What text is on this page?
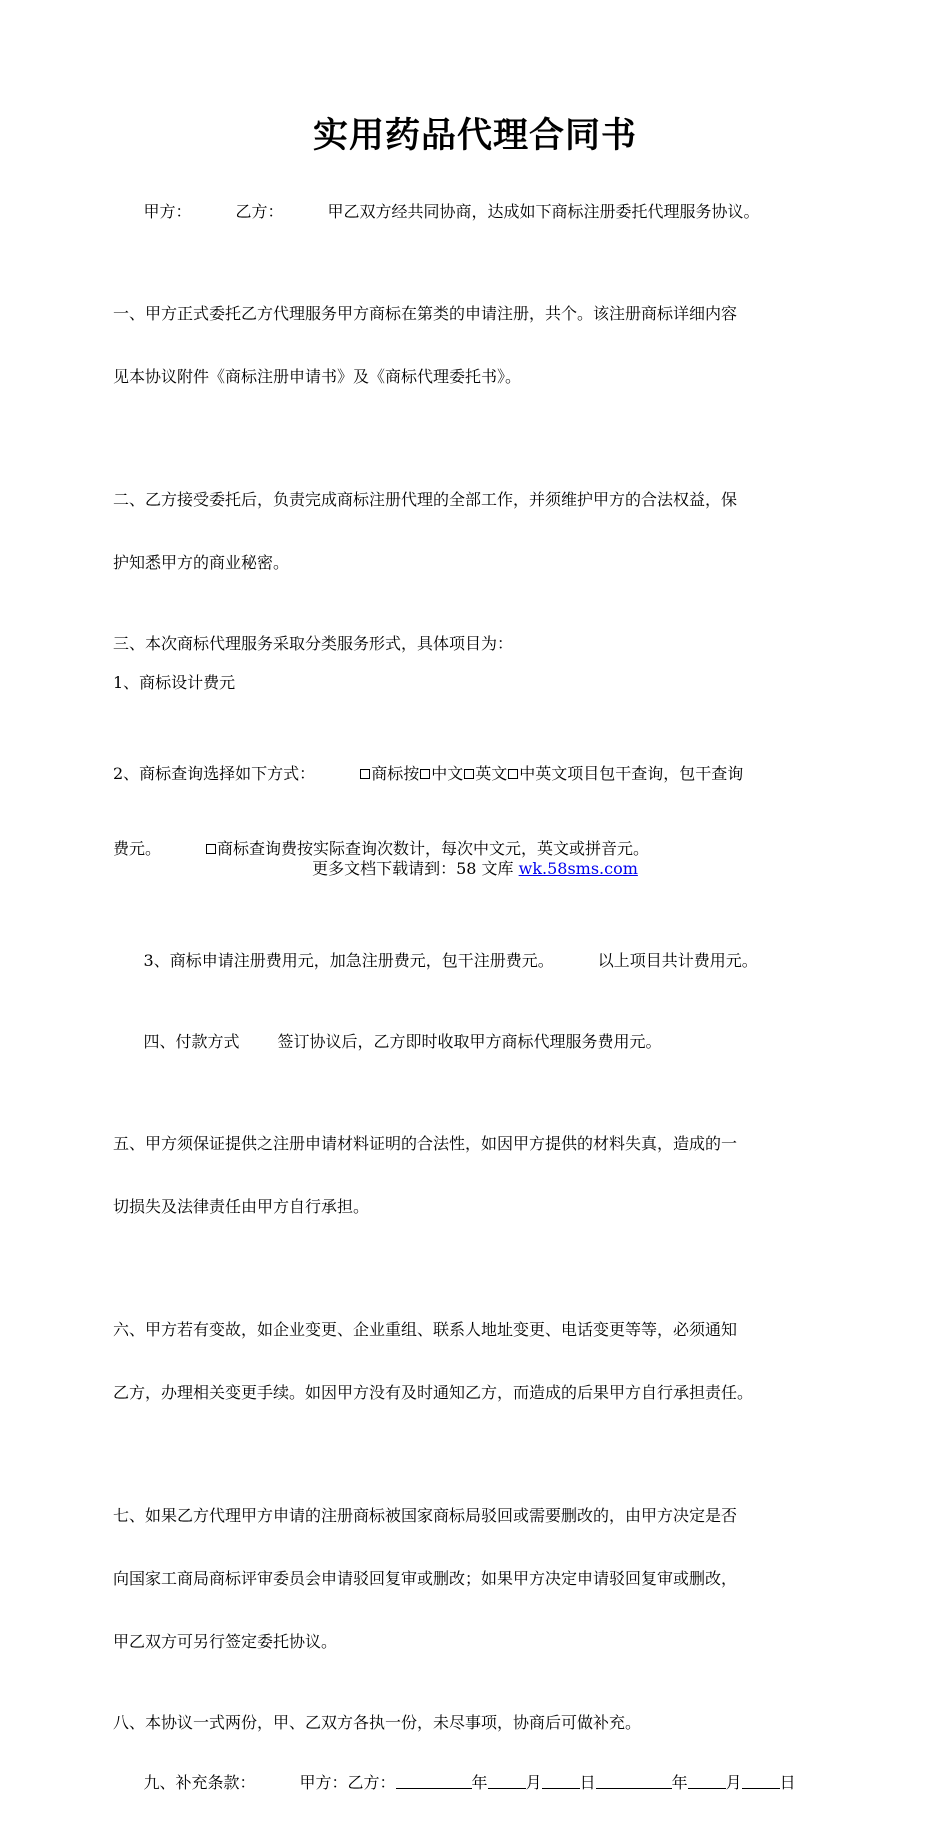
实用药品代理合同书

甲方：	乙方：	甲乙双方经共同协商，达成如下商标注册委托代理服务协议。

一、甲方正式委托乙方代理服务甲方商标在第类的申请注册，共个。该注册商标详细内容

见本协议附件《商标注册申请书》及《商标代理委托书》。

二、乙方接受委托后，负责完成商标注册代理的全部工作，并须维护甲方的合法权益，保

护知悉甲方的商业秘密。

三、本次商标代理服务采取分类服务形式，具体项目为：
1、商标设计费元

2、商标查询选择如下方式：	商标按 中文 英文 中英文项目包干查询，包干查询

费元。	商标查询费按实际查询次数计，每次中文元，英文或拼音元。

3、商标申请注册费用元，加急注册费元，包干注册费元。	以上项目共计费用元。

四、付款方式 签订协议后，乙方即时收取甲方商标代理服务费用元。

五、甲方须保证提供之注册申请材料证明的合法性，如因甲方提供的材料失真，造成的一

切损失及法律责任由甲方自行承担。

六、甲方若有变故，如企业变更、企业重组、联系人地址变更、电话变更等等，必须通知

乙方，办理相关变更手续。如因甲方没有及时通知乙方，而造成的后果甲方自行承担责任。

七、如果乙方代理甲方申请的注册商标被国家商标局驳回或需要删改的，由甲方决定是否

向国家工商局商标评审委员会申请驳回复审或删改；如果甲方决定申请驳回复审或删改，

甲乙双方可另行签定委托协议。

八、本协议一式两份，甲、乙双方各执一份，未尽事项，协商后可做补充。

九、补充条款：	甲方：乙方：	年 月 日	年 月 日

更多文档下载请到：58 文库 wk.58sms.com
